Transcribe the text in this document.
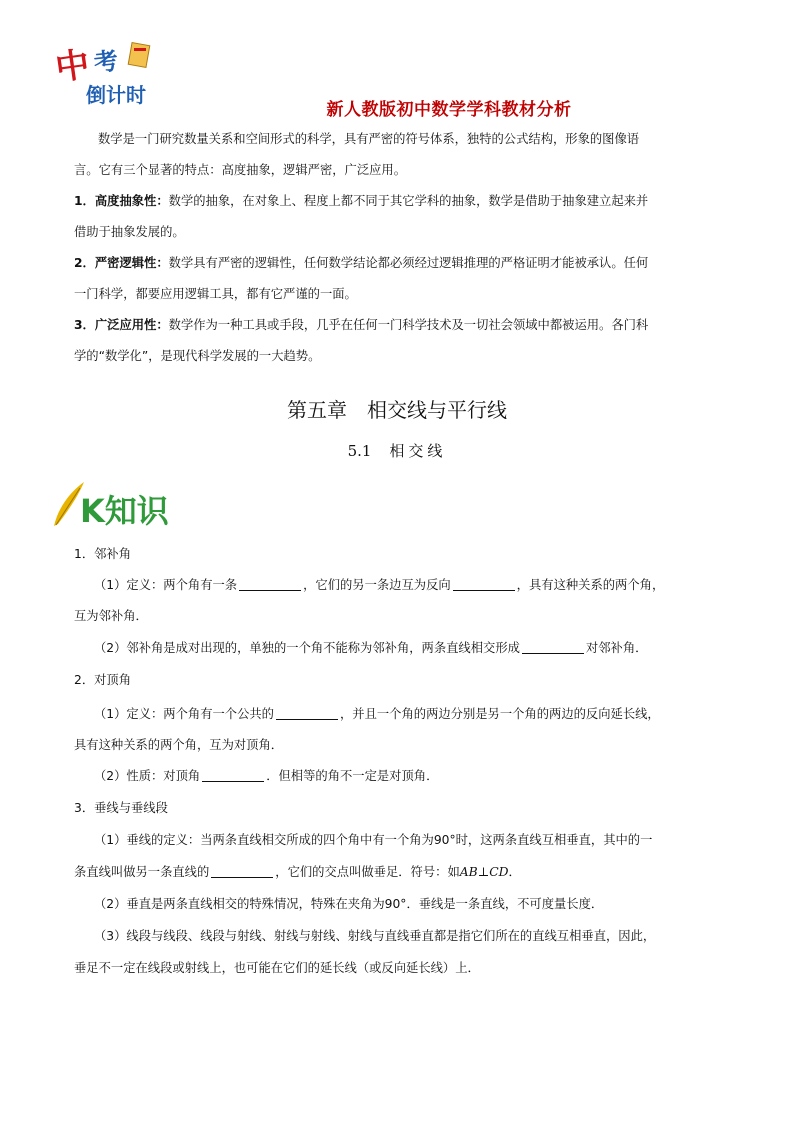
中 考
倒计时
新人教版初中数学学科教材分析

数学是一门研究数量关系和空间形式的科学，具有严密的符号体系，独特的公式结构，形象的图像语

言。它有三个显著的特点：高度抽象，逻辑严密，广泛应用。

1．高度抽象性：数学的抽象，在对象上、程度上都不同于其它学科的抽象，数学是借助于抽象建立起来并

借助于抽象发展的。

2．严密逻辑性：数学具有严密的逻辑性，任何数学结论都必须经过逻辑推理的严格证明才能被承认。任何

一门科学，都要应用逻辑工具，都有它严谨的一面。

3．广泛应用性：数学作为一种工具或手段，几乎在任何一门科学技术及一切社会领域中都被运用。各门科

学的“数学化”，是现代科学发展的一大趋势。

第五章　相交线与平行线
5.1 相交线
K知识
1．邻补角
（1）定义：两个角有一条	，它们的另一条边互为反向	，具有这种关系的两个角，
互为邻补角．
（2）邻补角是成对出现的，单独的一个角不能称为邻补角，两条直线相交形成	对邻补角．
2．对顶角
（1）定义：两个角有一个公共的	，并且一个角的两边分别是另一个角的两边的反向延长线，
具有这种关系的两个角，互为对顶角．
（2）性质：对顶角	．但相等的角不一定是对顶角．
3．垂线与垂线段
（1）垂线的定义：当两条直线相交所成的四个角中有一个角为90°时，这两条直线互相垂直，其中的一
条直线叫做另一条直线的	，它们的交点叫做垂足．符号：如AB⊥CD．
（2）垂直是两条直线相交的特殊情况，特殊在夹角为90°．垂线是一条直线，不可度量长度．
（3）线段与线段、线段与射线、射线与射线、射线与直线垂直都是指它们所在的直线互相垂直，因此，
垂足不一定在线段或射线上，也可能在它们的延长线（或反向延长线）上．
